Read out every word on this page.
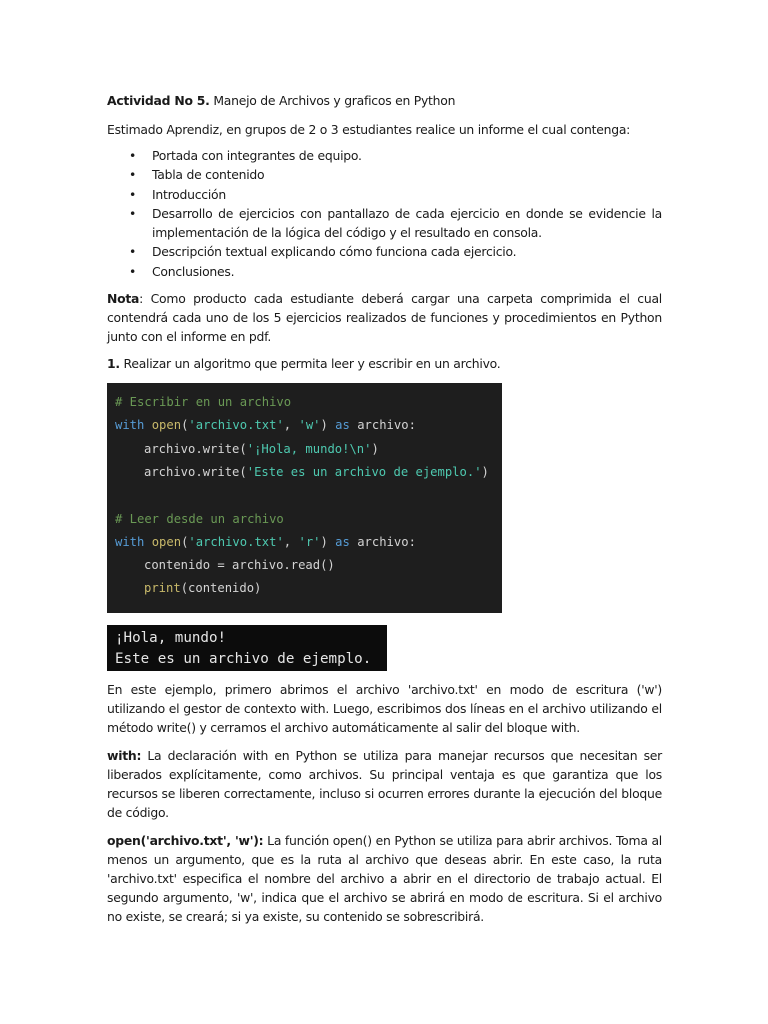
Actividad No 5. Manejo de Archivos y graficos en Python

Estimado Aprendiz, en grupos de 2 o 3 estudiantes realice un informe el cual contenga:

• Portada con integrantes de equipo.
• Tabla de contenido
• Introducción
• Desarrollo de ejercicios con pantallazo de cada ejercicio en donde se evidencie la implementación de la lógica del código y el resultado en consola.
• Descripción textual explicando cómo funciona cada ejercicio.
• Conclusiones.

Nota: Como producto cada estudiante deberá cargar una carpeta comprimida el cual contendrá cada uno de los 5 ejercicios realizados de funciones y procedimientos en Python junto con el informe en pdf.

1. Realizar un algoritmo que permita leer y escribir en un archivo.

# Escribir en un archivo
with open('archivo.txt', 'w') as archivo:
archivo.write('¡Hola, mundo!\n')
archivo.write('Este es un archivo de ejemplo.')

# Leer desde un archivo
with open('archivo.txt', 'r') as archivo:
contenido = archivo.read()
print(contenido)
¡Hola, mundo!
Este es un archivo de ejemplo.

En este ejemplo, primero abrimos el archivo 'archivo.txt' en modo de escritura ('w') utilizando el gestor de contexto with. Luego, escribimos dos líneas en el archivo utilizando el método write() y cerramos el archivo automáticamente al salir del bloque with.

with: La declaración with en Python se utiliza para manejar recursos que necesitan ser liberados explícitamente, como archivos. Su principal ventaja es que garantiza que los recursos se liberen correctamente, incluso si ocurren errores durante la ejecución del bloque de código.

open('archivo.txt', 'w'): La función open() en Python se utiliza para abrir archivos. Toma al menos un argumento, que es la ruta al archivo que deseas abrir. En este caso, la ruta 'archivo.txt' especifica el nombre del archivo a abrir en el directorio de trabajo actual. El segundo argumento, 'w', indica que el archivo se abrirá en modo de escritura. Si el archivo no existe, se creará; si ya existe, su contenido se sobrescribirá.
